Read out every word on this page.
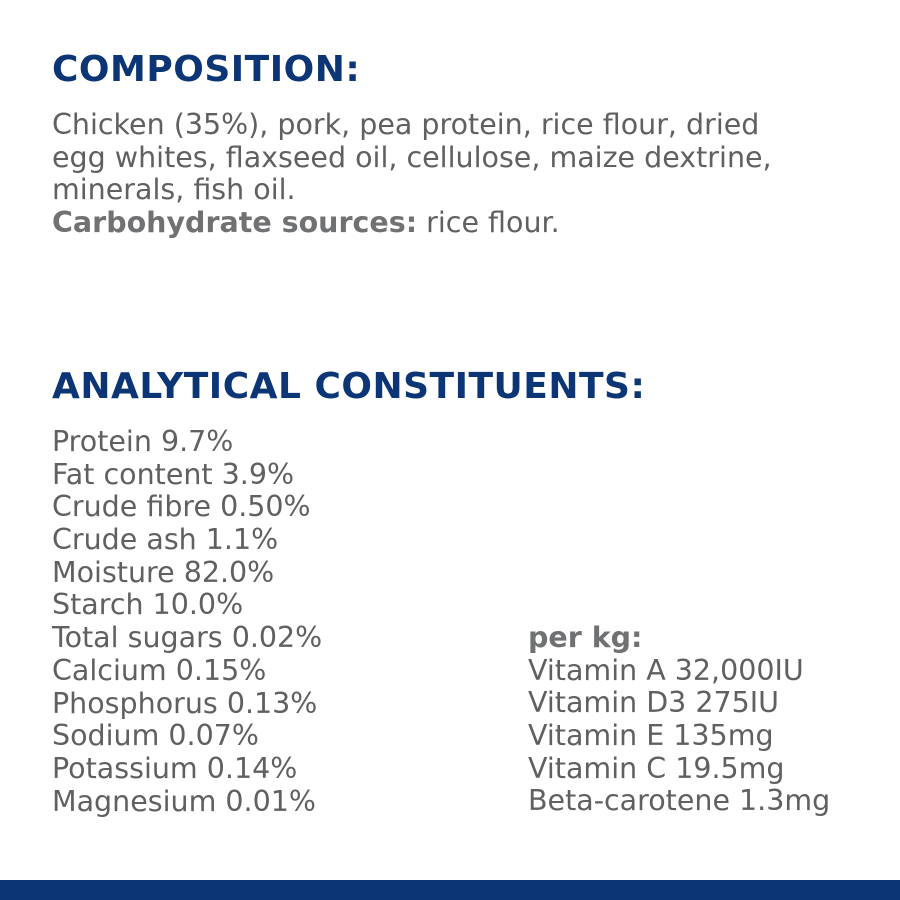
COMPOSITION:
Chicken (35%), pork, pea protein, rice flour, dried
egg whites, flaxseed oil, cellulose, maize dextrine,
minerals, fish oil.
Carbohydrate sources: rice flour.
ANALYTICAL CONSTITUENTS:
Protein 9.7%
Fat content 3.9%
Crude fibre 0.50%
Crude ash 1.1%
Moisture 82.0%
Starch 10.0%
Total sugars 0.02%
Calcium 0.15%
Phosphorus 0.13%
Sodium 0.07%
Potassium 0.14%
Magnesium 0.01%
per kg:
Vitamin A 32,000IU
Vitamin D3 275IU
Vitamin E 135mg
Vitamin C 19.5mg
Beta-carotene 1.3mg
